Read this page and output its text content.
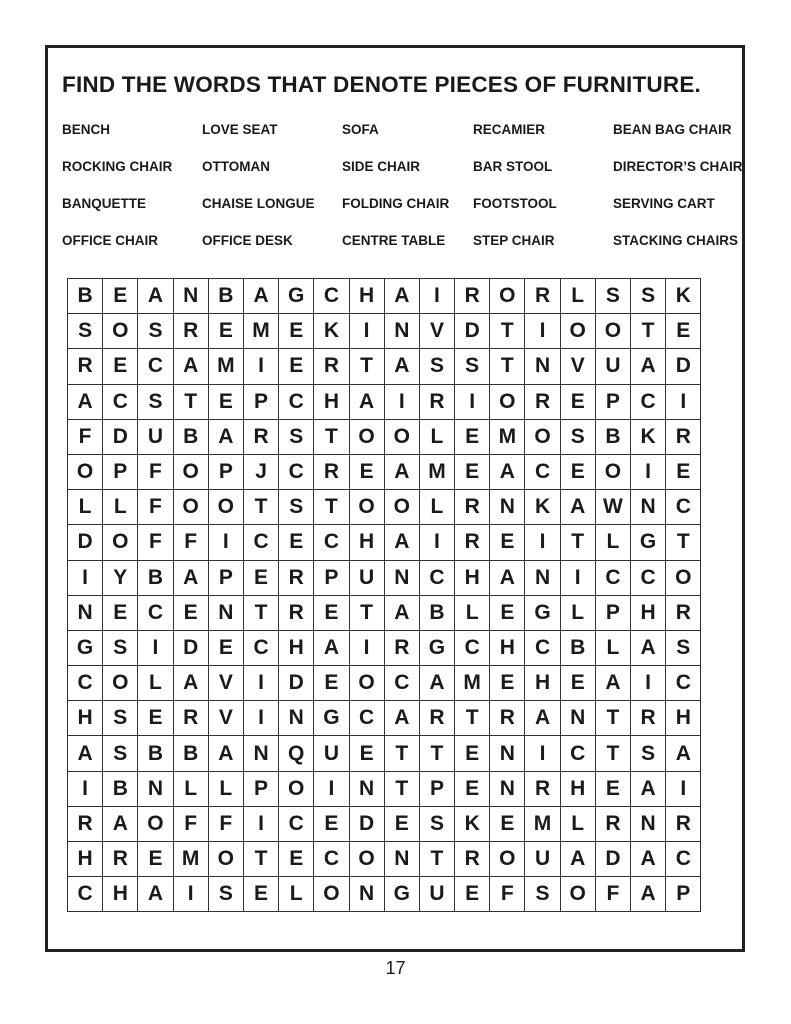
FIND THE WORDS THAT DENOTE PIECES OF FURNITURE.
BENCH	LOVE SEAT	SOFA	RECAMIER	BEAN BAG CHAIR
ROCKING CHAIR	OTTOMAN	SIDE CHAIR	BAR STOOL	DIRECTOR’S CHAIR
BANQUETTE	CHAISE LONGUE	FOLDING CHAIR	FOOTSTOOL	SERVING CART
OFFICE CHAIR	OFFICE DESK	CENTRE TABLE	STEP CHAIR	STACKING CHAIRS
B E A N B A G C H A	I	R O R	L	S	S K
S O S R E M E K	I	N V D	T	I	O O T	E
R E C A M	I	E R	T	A S	S	T	N V U A D
A C S	T	E	P C H A	I	R	I	O R E	P C	I
F	D U B A R S	T O O L	E M O S B K R
O P	F O P	J	C R E A M E A C E O	I	E
L	L	F O O T	S	T O O L	R N K A W N C
D O F	F	I	C E C H A	I	R E	I	T	L G T
I	Y B A P	E R P U N C H A N	I	C C O
N E C E N	T	R E	T	A B	L	E G L	P H R
G S	I	D E C H A	I	R G C H C B	L	A S
C O L	A V	I	D E O C A M E H E A	I	C
H S	E R V	I	N G C A R	T	R A N	T	R H
A S B B A N Q U E	T	T	E N	I	C	T	S A
I	B N	L	L	P O	I	N	T	P	E N R H E A	I
R A O F	F	I	C E D E	S K E M L	R N R
H R E M O T	E C O N	T	R O U A D A C
C H A	I	S	E	L O N G U E	F	S O F	A P
17
